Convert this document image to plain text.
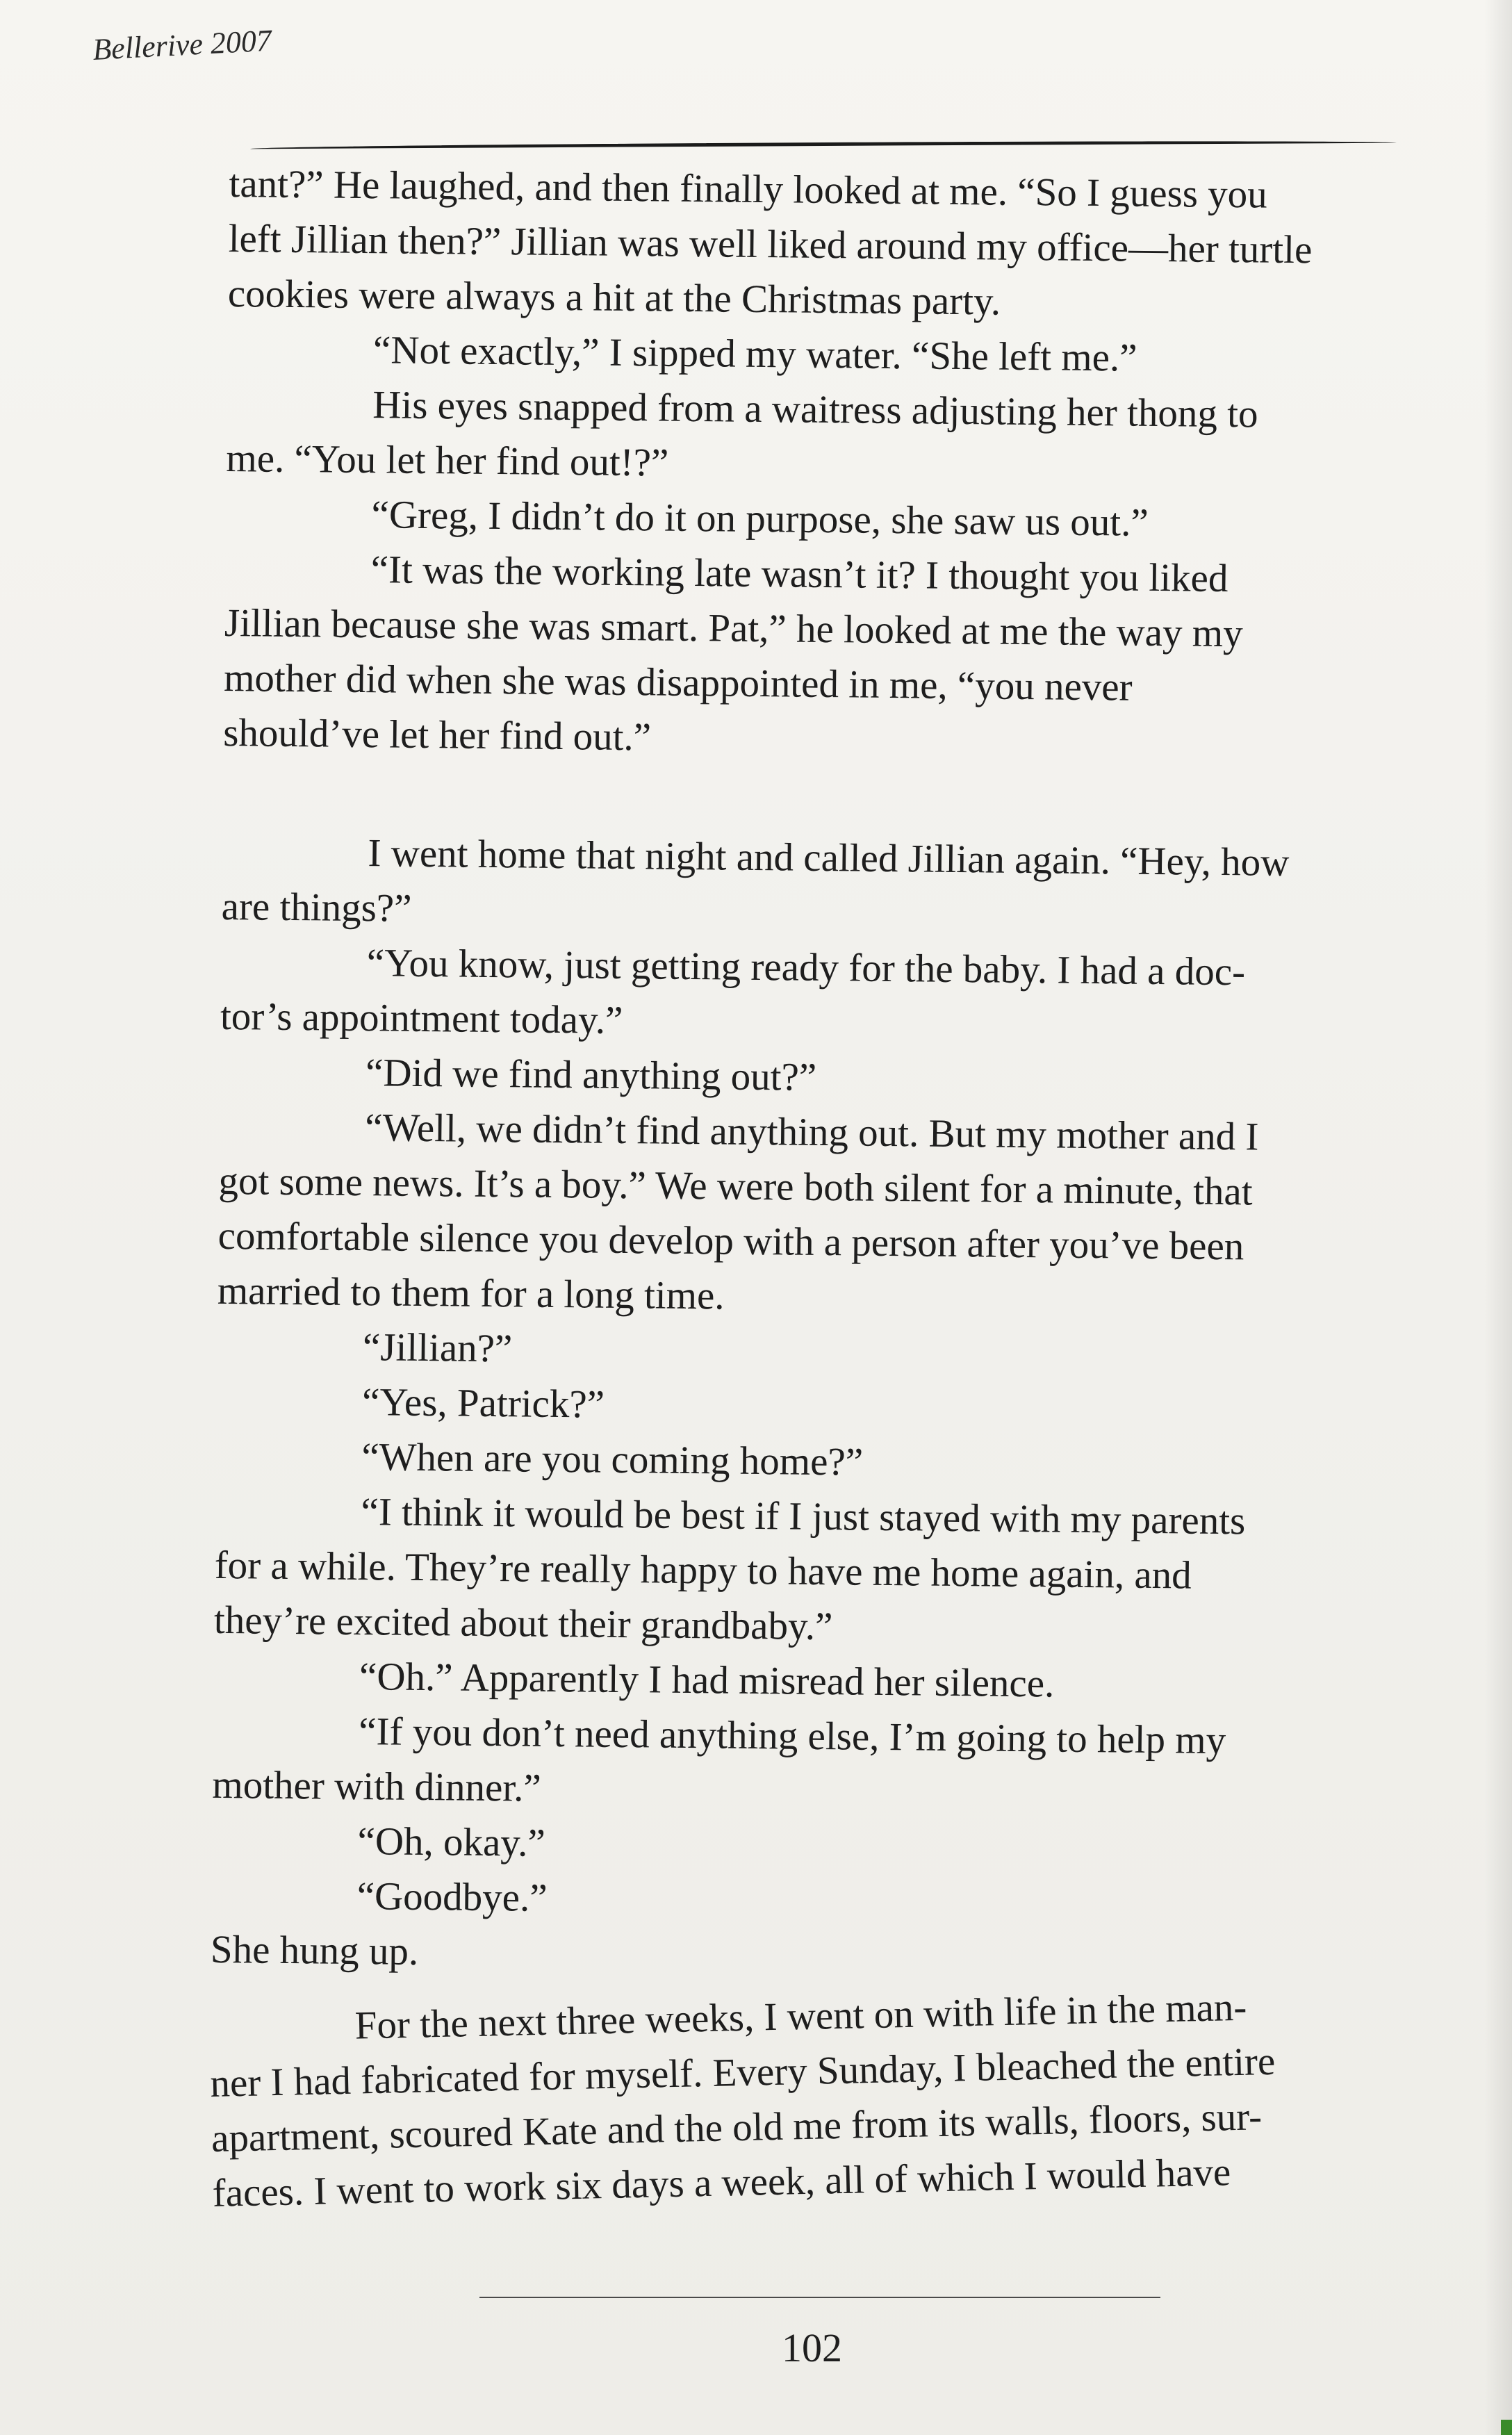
Bellerive 2007
tant?” He laughed, and then finally looked at me. “So I guess you
left Jillian then?” Jillian was well liked around my office—her turtle
cookies were always a hit at the Christmas party.
“Not exactly,” I sipped my water. “She left me.”
His eyes snapped from a waitress adjusting her thong to
me. “You let her find out!?”
“Greg, I didn’t do it on purpose, she saw us out.”
“It was the working late wasn’t it? I thought you liked
Jillian because she was smart. Pat,” he looked at me the way my
mother did when she was disappointed in me, “you never
should’ve let her find out.”
I went home that night and called Jillian again. “Hey, how
are things?”
“You know, just getting ready for the baby. I had a doc-
tor’s appointment today.”
“Did we find anything out?”
“Well, we didn’t find anything out. But my mother and I
got some news. It’s a boy.” We were both silent for a minute, that
comfortable silence you develop with a person after you’ve been
married to them for a long time.
“Jillian?”
“Yes, Patrick?”
“When are you coming home?”
“I think it would be best if I just stayed with my parents
for a while. They’re really happy to have me home again, and
they’re excited about their grandbaby.”
“Oh.” Apparently I had misread her silence.
“If you don’t need anything else, I’m going to help my
mother with dinner.”
“Oh, okay.”
“Goodbye.”
She hung up.
For the next three weeks, I went on with life in the man-
ner I had fabricated for myself. Every Sunday, I bleached the entire
apartment, scoured Kate and the old me from its walls, floors, sur-
faces. I went to work six days a week, all of which I would have
102
